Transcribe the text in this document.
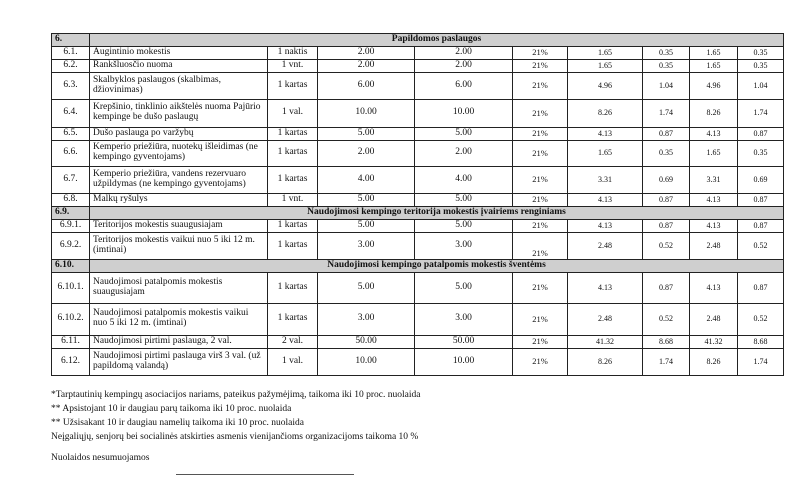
6.	Papildomos paslaugos								
6.1.	Augintinio mokestis	1 naktis	2.00	2.00	21%	1.65	0.35	1.65	0.35
6.2.	Rankšluosčio nuoma	1 vnt.	2.00	2.00	21%	1.65	0.35	1.65	0.35
6.3.	Skalbyklos paslaugos (skalbimas, džiovinimas)	1 kartas	6.00	6.00	21%	4.96	1.04	4.96	1.04
6.4.	Krepšinio, tinklinio aikštelės nuoma Pajūrio kempinge be dušo paslaugų	1 val.	10.00	10.00	21%	8.26	1.74	8.26	1.74
6.5.	Dušo paslauga po varžybų	1 kartas	5.00	5.00	21%	4.13	0.87	4.13	0.87
6.6.	Kemperio priežiūra, nuotekų išleidimas (ne kempingo gyventojams)	1 kartas	2.00	2.00	21%	1.65	0.35	1.65	0.35
6.7.	Kemperio priežiūra, vandens rezervuaro užpildymas (ne kempingo gyventojams)	1 kartas	4.00	4.00	21%	3.31	0.69	3.31	0.69
6.8.	Malkų ryšulys	1 vnt.	5.00	5.00	21%	4.13	0.87	4.13	0.87
6.9.	Naudojimosi kempingo teritorija mokestis įvairiems renginiams								
6.9.1.	Teritorijos mokestis suaugusiajam	1 kartas	5.00	5.00	21%	4.13	0.87	4.13	0.87
6.9.2.	Teritorijos mokestis vaikui nuo 5 iki 12 m. (imtinai)	1 kartas	3.00	3.00	21%	2.48	0.52	2.48	0.52
6.10.	Naudojimosi kempingo patalpomis mokestis šventėms								
6.10.1.	Naudojimosi patalpomis mokestis suaugusiajam	1 kartas	5.00	5.00	21%	4.13	0.87	4.13	0.87
6.10.2.	Naudojimosi patalpomis mokestis vaikui nuo 5 iki 12 m. (imtinai)	1 kartas	3.00	3.00	21%	2.48	0.52	2.48	0.52
6.11.	Naudojimosi pirtimi paslauga, 2 val.	2 val.	50.00	50.00	21%	41.32	8.68	41.32	8.68
6.12.	Naudojimosi pirtimi paslauga virš 3 val. (už papildomą valandą)	1 val.	10.00	10.00	21%	8.26	1.74	8.26	1.74
*Tarptautinių kempingų asociacijos nariams, pateikus pažymėjimą, taikoma iki 10 proc. nuolaida
** Apsistojant 10 ir daugiau parų taikoma iki 10 proc. nuolaida
** Užsisakant 10 ir daugiau namelių taikoma iki 10 proc. nuolaida
Neįgaliųjų, senjorų bei socialinės atskirties asmenis vienijančioms organizacijoms taikoma 10 %
Nuolaidos nesumuojamos
